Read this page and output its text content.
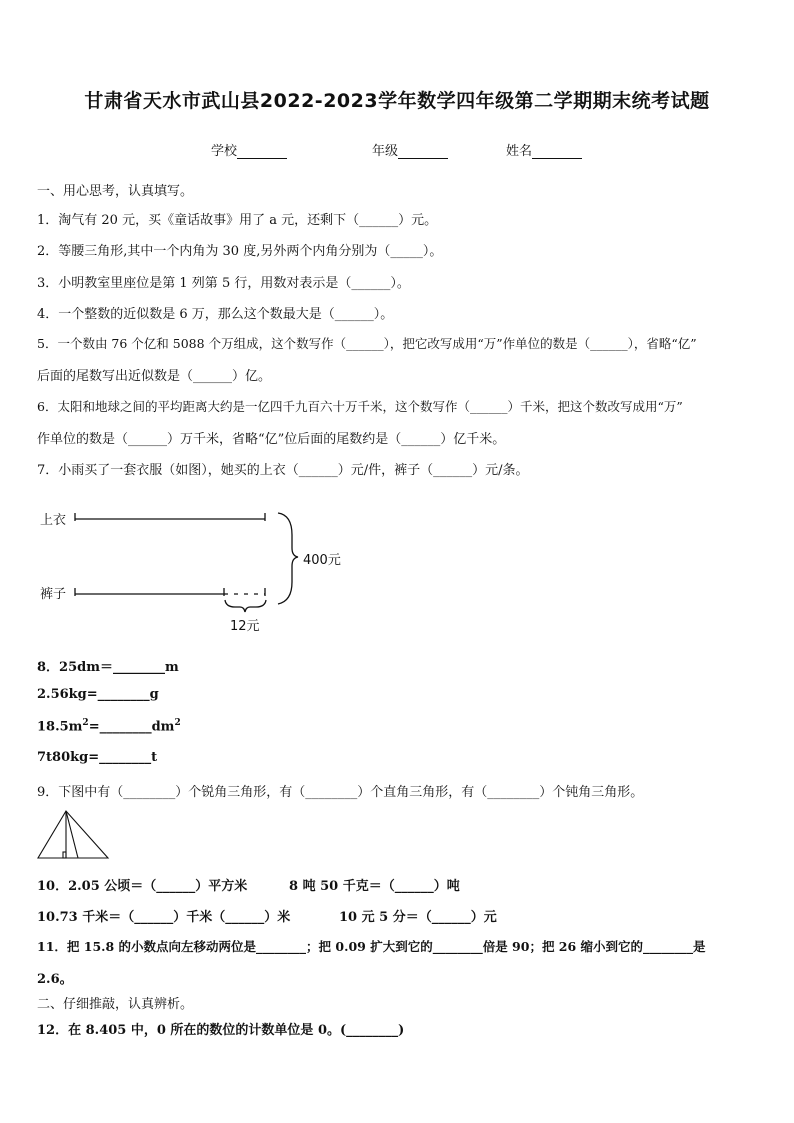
甘肃省天水市武山县2022-2023学年数学四年级第二学期期末统考试题
学校	年级	姓名
一、用心思考，认真填写。
1．淘气有 20 元，买《童话故事》用了 a 元，还剩下（______）元。
2．等腰三角形,其中一个内角为 30 度,另外两个内角分别为（_____）。
3．小明教室里座位是第 1 列第 5 行，用数对表示是（______）。
4．一个整数的近似数是 6 万，那么这个数最大是（______）。
5．一个数由 76 个亿和 5088 个万组成，这个数写作（______），把它改写成用“万”作单位的数是（______），省略“亿”
后面的尾数写出近似数是（______）亿。
6．太阳和地球之间的平均距离大约是一亿四千九百六十万千米，这个数写作（______）千米，把这个数改写成用“万”
作单位的数是（______）万千米，省略“亿”位后面的尾数约是（______）亿千米。
7．小雨买了一套衣服（如图），她买的上衣（______）元/件，裤子（______）元/条。
上衣
裤子
400元
12元
8．25dm＝________m
2.56kg=________g
$18.5m^2=\_\_\_\_\_\_\_\_dm^2$
7t80kg=________t
9．下图中有（________）个锐角三角形，有（________）个直角三角形，有（________）个钝角三角形。
10．2.05 公顷＝（______）平方米	8 吨 50 千克＝（______）吨
10.73 千米＝（______）千米（______）米	10 元 5 分＝（______）元
11．把 15.8 的小数点向左移动两位是________；把 0.09 扩大到它的________倍是 90；把 26 缩小到它的________是
2.6。
二、仔细推敲，认真辨析。
12．在 8.405 中，0 所在的数位的计数单位是 0。(________)
